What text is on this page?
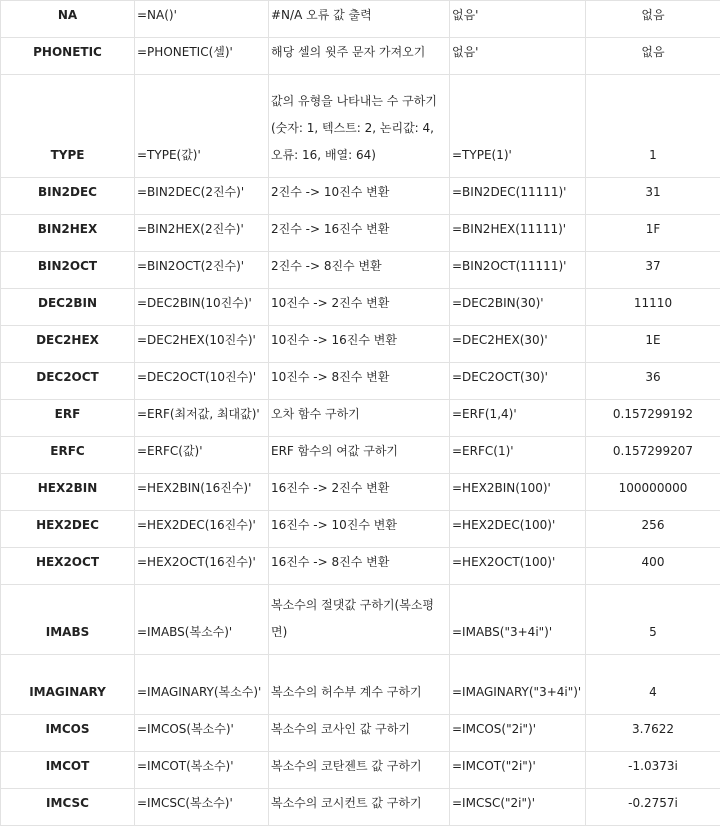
NA	=NA()'	#N/A 오류 값 출력	없음'	없음
PHONETIC	=PHONETIC(셀)'	해당 셀의 윗주 문자 가져오기	없음'	없음
TYPE	=TYPE(값)'	값의 유형을 나타내는 수 구하기 (숫자: 1, 텍스트: 2, 논리값: 4, 오류: 16, 배열: 64)	=TYPE(1)'	1
BIN2DEC	=BIN2DEC(2진수)'	2진수 -> 10진수 변환	=BIN2DEC(11111)'	31
BIN2HEX	=BIN2HEX(2진수)'	2진수 -> 16진수 변환	=BIN2HEX(11111)'	1F
BIN2OCT	=BIN2OCT(2진수)'	2진수 -> 8진수 변환	=BIN2OCT(11111)'	37
DEC2BIN	=DEC2BIN(10진수)'	10진수 -> 2진수 변환	=DEC2BIN(30)'	11110
DEC2HEX	=DEC2HEX(10진수)'	10진수 -> 16진수 변환	=DEC2HEX(30)'	1E
DEC2OCT	=DEC2OCT(10진수)'	10진수 -> 8진수 변환	=DEC2OCT(30)'	36
ERF	=ERF(최저값, 최대값)'	오차 함수 구하기	=ERF(1,4)'	0.157299192
ERFC	=ERFC(값)'	ERF 함수의 여값 구하기	=ERFC(1)'	0.157299207
HEX2BIN	=HEX2BIN(16진수)'	16진수 -> 2진수 변환	=HEX2BIN(100)'	100000000
HEX2DEC	=HEX2DEC(16진수)'	16진수 -> 10진수 변환	=HEX2DEC(100)'	256
HEX2OCT	=HEX2OCT(16진수)'	16진수 -> 8진수 변환	=HEX2OCT(100)'	400
IMABS	=IMABS(복소수)'	복소수의 절댓값 구하기(복소평면)	=IMABS("3+4i")'	5
IMAGINARY	=IMAGINARY(복소수)'	복소수의 허수부 계수 구하기	=IMAGINARY("3+4i")'	4
IMCOS	=IMCOS(복소수)'	복소수의 코사인 값 구하기	=IMCOS("2i")'	3.7622
IMCOT	=IMCOT(복소수)'	복소수의 코탄젠트 값 구하기	=IMCOT("2i")'	-1.0373i
IMCSC	=IMCSC(복소수)'	복소수의 코시컨트 값 구하기	=IMCSC("2i")'	-0.2757i
